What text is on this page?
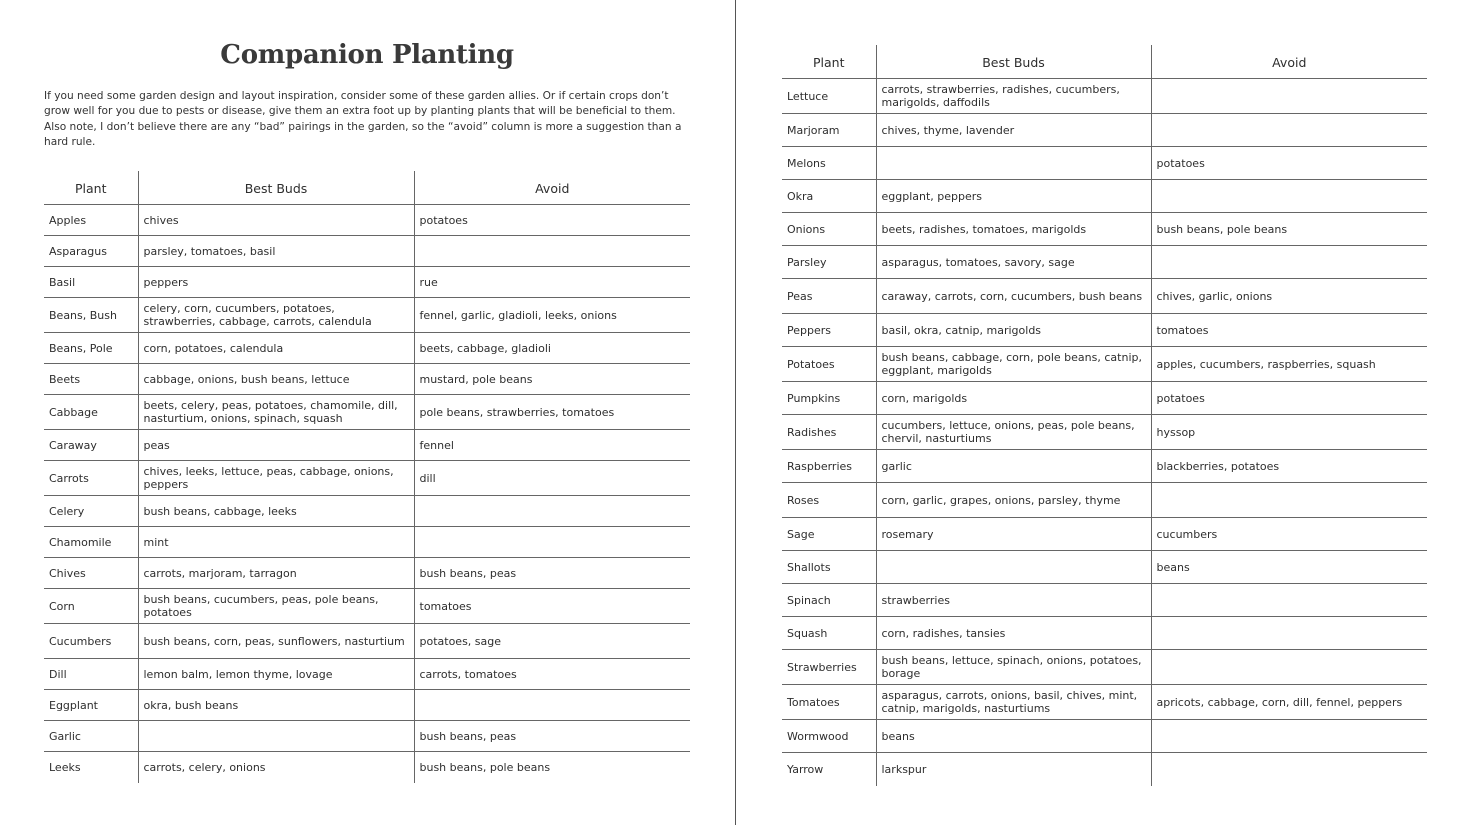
Companion Planting

If you need some garden design and layout inspiration, consider some of these garden allies. Or if certain crops don’t grow well for you due to pests or disease, give them an extra foot up by planting plants that will be beneficial to them. Also note, I don’t believe there are any “bad” pairings in the garden, so the “avoid” column is more a suggestion than a hard rule.

Plant	Best Buds	Avoid
Apples	chives	potatoes
Asparagus	parsley, tomatoes, basil	
Basil	peppers	rue
Beans, Bush	celery, corn, cucumbers, potatoes, strawberries, cabbage, carrots, calendula	fennel, garlic, gladioli, leeks, onions
Beans, Pole	corn, potatoes, calendula	beets, cabbage, gladioli
Beets	cabbage, onions, bush beans, lettuce	mustard, pole beans
Cabbage	beets, celery, peas, potatoes, chamomile, dill, nasturtium, onions, spinach, squash	pole beans, strawberries, tomatoes
Caraway	peas	fennel
Carrots	chives, leeks, lettuce, peas, cabbage, onions, peppers	dill
Celery	bush beans, cabbage, leeks	
Chamomile	mint	
Chives	carrots, marjoram, tarragon	bush beans, peas
Corn	bush beans, cucumbers, peas, pole beans, potatoes	tomatoes
Cucumbers	bush beans, corn, peas, sunflowers, nasturtium	potatoes, sage
Dill	lemon balm, lemon thyme, lovage	carrots, tomatoes
Eggplant	okra, bush beans	
Garlic		bush beans, peas
Leeks	carrots, celery, onions	bush beans, pole beans
Plant	Best Buds	Avoid
Lettuce	carrots, strawberries, radishes, cucumbers, marigolds, daffodils	
Marjoram	chives, thyme, lavender	
Melons		potatoes
Okra	eggplant, peppers	
Onions	beets, radishes, tomatoes, marigolds	bush beans, pole beans
Parsley	asparagus, tomatoes, savory, sage	
Peas	caraway, carrots, corn, cucumbers, bush beans	chives, garlic, onions
Peppers	basil, okra, catnip, marigolds	tomatoes
Potatoes	bush beans, cabbage, corn, pole beans, catnip, eggplant, marigolds	apples, cucumbers, raspberries, squash
Pumpkins	corn, marigolds	potatoes
Radishes	cucumbers, lettuce, onions, peas, pole beans, chervil, nasturtiums	hyssop
Raspberries	garlic	blackberries, potatoes
Roses	corn, garlic, grapes, onions, parsley, thyme	
Sage	rosemary	cucumbers
Shallots		beans
Spinach	strawberries	
Squash	corn, radishes, tansies	
Strawberries	bush beans, lettuce, spinach, onions, potatoes, borage	
Tomatoes	asparagus, carrots, onions, basil, chives, mint, catnip, marigolds, nasturtiums	apricots, cabbage, corn, dill, fennel, peppers
Wormwood	beans	
Yarrow	larkspur	
